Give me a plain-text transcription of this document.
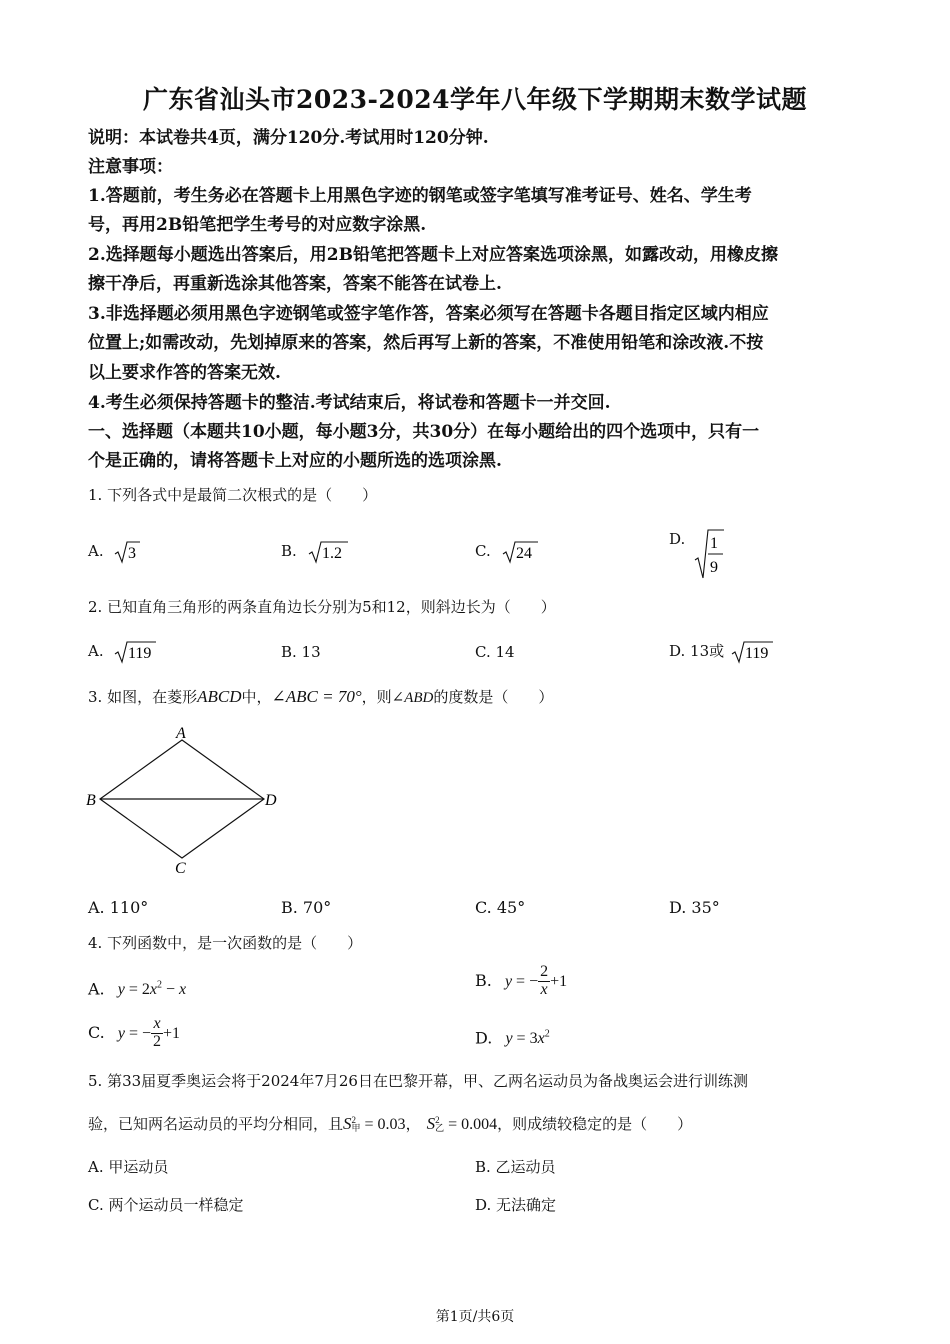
广东省汕头市2023-2024学年八年级下学期期末数学试题
说明：本试卷共4页，满分120分.考试用时120分钟.
注意事项：
1.答题前，考生务必在答题卡上用黑色字迹的钢笔或签字笔填写准考证号、姓名、学生考
号，再用2B铅笔把学生考号的对应数字涂黑.
2.选择题每小题选出答案后，用2B铅笔把答题卡上对应答案选项涂黑，如露改动，用橡皮擦
擦干净后，再重新选涂其他答案，答案不能答在试卷上.
3.非选择题必须用黑色字迹钢笔或签字笔作答，答案必须写在答题卡各题目指定区域内相应
位置上;如需改动，先划掉原来的答案，然后再写上新的答案，不准使用铅笔和涂改液.不按
以上要求作答的答案无效.
4.考生必须保持答题卡的整洁.考试结束后，将试卷和答题卡一并交回.
一、选择题（本题共10小题，每小题3分，共30分）在每小题给出的四个选项中，只有一
个是正确的，请将答题卡上对应的小题所选的选项涂黑.
1. 下列各式中是最简二次根式的是（　　）
A. 3	B. 1.2	C. 24
D. 1
9
2. 已知直角三角形的两条直角边长分别为5和12，则斜边长为（　　）
A. 119	B. 13	C. 14	D. 13或 119
3. 如图，在菱形ABCD中，∠ABC = 70°，则∠ABD的度数是（　　）
A
B	D
C
A. 110°	B. 70°	C. 45°	D. 35°
4. 下列函数中，是一次函数的是（　　）
A. $y = 2x^2 - x$
B. y = − $\frac{2}{x} +1$
C. y = − $\frac{x}{2} +1$	D. $y = 3x^2$
5. 第33届夏季奥运会将于2024年7月26日在巴黎开幕，甲、乙两名运动员为备战奥运会进行训练测
验，已知两名运动员的平均分相同，且S 2
甲 = 0.03， S 2
乙 = 0.004，则成绩较稳定的是（　　）
A. 甲运动员	B. 乙运动员
C. 两个运动员一样稳定	D. 无法确定
第1页/共6页
